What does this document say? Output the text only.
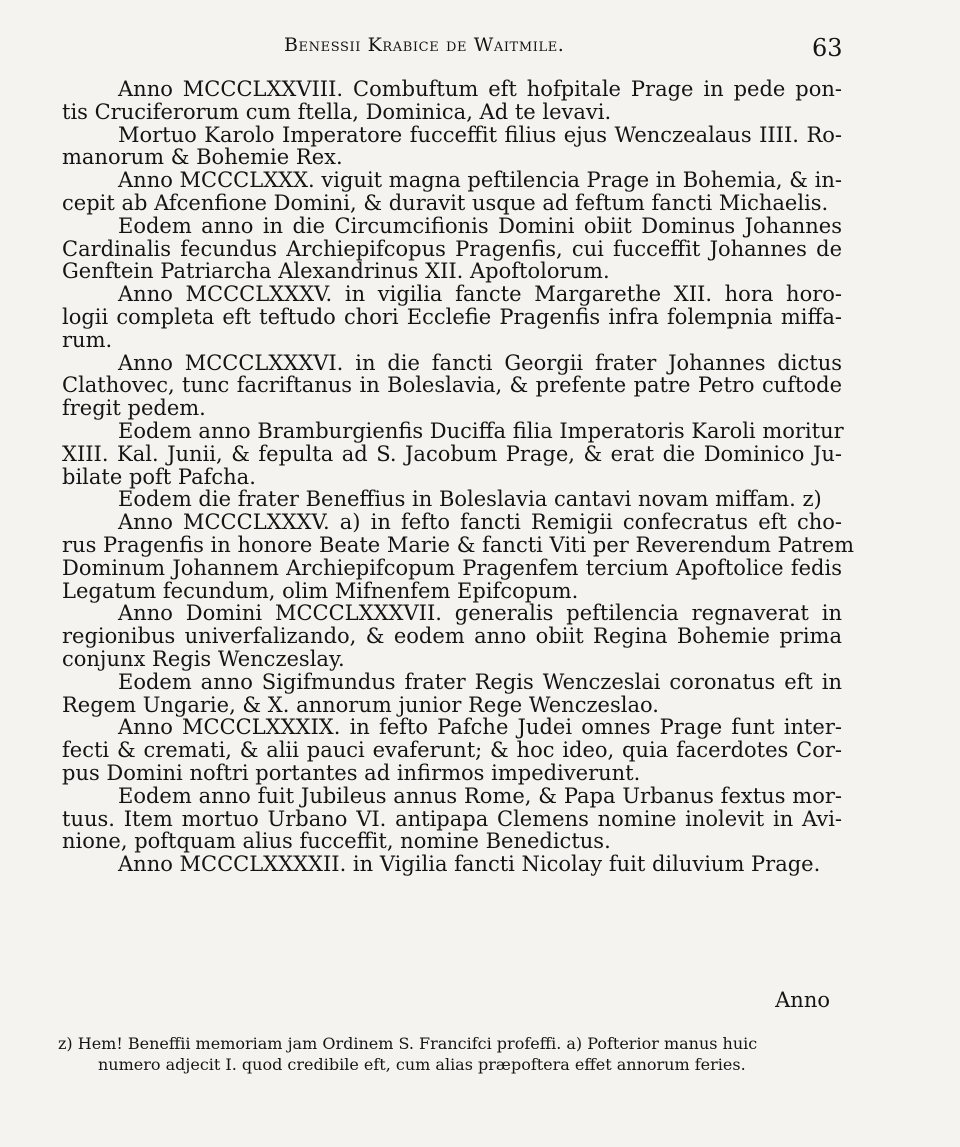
Benessii Krabice de Waitmile.	63
Anno MCCCLXXVIII. Combuftum eft hofpitale Prage in pede pon-
tis Cruciferorum cum ftella, Dominica, Ad te levavi.
Mortuo Karolo Imperatore fucceffit filius ejus Wenczealaus IIII. Ro-
manorum & Bohemie Rex.
Anno MCCCLXXX. viguit magna peftilencia Prage in Bohemia, & in-
cepit ab Afcenfione Domini, & duravit usque ad feftum fancti Michaelis.
Eodem anno in die Circumcifionis Domini obiit Dominus Johannes
Cardinalis fecundus Archiepifcopus Pragenfis, cui fucceffit Johannes de
Genftein Patriarcha Alexandrinus XII. Apoftolorum.
Anno MCCCLXXXV. in vigilia fancte Margarethe XII. hora horo-
logii completa eft teftudo chori Ecclefie Pragenfis infra folempnia miffa-
rum.
Anno MCCCLXXXVI. in die fancti Georgii frater Johannes dictus
Clathovec, tunc facriftanus in Boleslavia, & prefente patre Petro cuftode
fregit pedem.
Eodem anno Bramburgienfis Duciffa filia Imperatoris Karoli moritur
XIII. Kal. Junii, & fepulta ad S. Jacobum Prage, & erat die Dominico Ju-
bilate poft Pafcha.
Eodem die frater Beneffius in Boleslavia cantavi novam miffam. z)
Anno MCCCLXXXV. a) in fefto fancti Remigii confecratus eft cho-
rus Pragenfis in honore Beate Marie & fancti Viti per Reverendum Patrem
Dominum Johannem Archiepifcopum Pragenfem tercium Apoftolice fedis
Legatum fecundum, olim Mifnenfem Epifcopum.
Anno Domini MCCCLXXXVII. generalis peftilencia regnaverat in
regionibus univerfalizando, & eodem anno obiit Regina Bohemie prima
conjunx Regis Wenczeslay.
Eodem anno Sigifmundus frater Regis Wenczeslai coronatus eft in
Regem Ungarie, & X. annorum junior Rege Wenczeslao.
Anno MCCCLXXXIX. in fefto Pafche Judei omnes Prage funt inter-
fecti & cremati, & alii pauci evaferunt; & hoc ideo, quia facerdotes Cor-
pus Domini noftri portantes ad infirmos impediverunt.
Eodem anno fuit Jubileus annus Rome, & Papa Urbanus fextus mor-
tuus. Item mortuo Urbano VI. antipapa Clemens nomine inolevit in Avi-
nione, poftquam alius fucceffit, nomine Benedictus.
Anno MCCCLXXXXII. in Vigilia fancti Nicolay fuit diluvium Prage.
Anno
z) Hem! Beneffii memoriam jam Ordinem S. Francifci profeffi. a) Pofterior manus huic
numero adjecit I. quod credibile eft, cum alias præpoftera effet annorum feries.
